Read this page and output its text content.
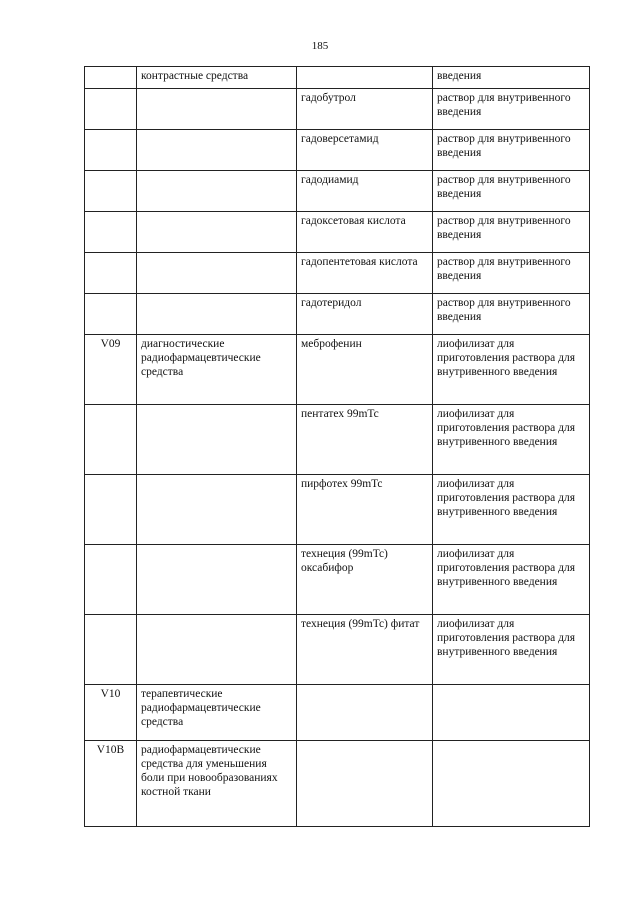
185
	контрастные средства		введения
		гадобутрол	раствор для внутривенного введения
		гадоверсетамид	раствор для внутривенного введения
		гадодиамид	раствор для внутривенного введения
		гадоксетовая кислота	раствор для внутривенного введения
		гадопентетовая кислота	раствор для внутривенного введения
		гадотеридол	раствор для внутривенного введения
V09	диагностические радиофармацевтические средства	меброфенин	лиофилизат для приготовления раствора для внутривенного введения
		пентатех 99mTc	лиофилизат для приготовления раствора для внутривенного введения
		пирфотех 99mTc	лиофилизат для приготовления раствора для внутривенного введения
		технеция (99mTc) оксабифор	лиофилизат для приготовления раствора для внутривенного введения
		технеция (99mTc) фитат	лиофилизат для приготовления раствора для внутривенного введения
V10	терапевтические радиофармацевтические средства		
V10B	радиофармацевтические средства для уменьшения боли при новообразованиях костной ткани		
